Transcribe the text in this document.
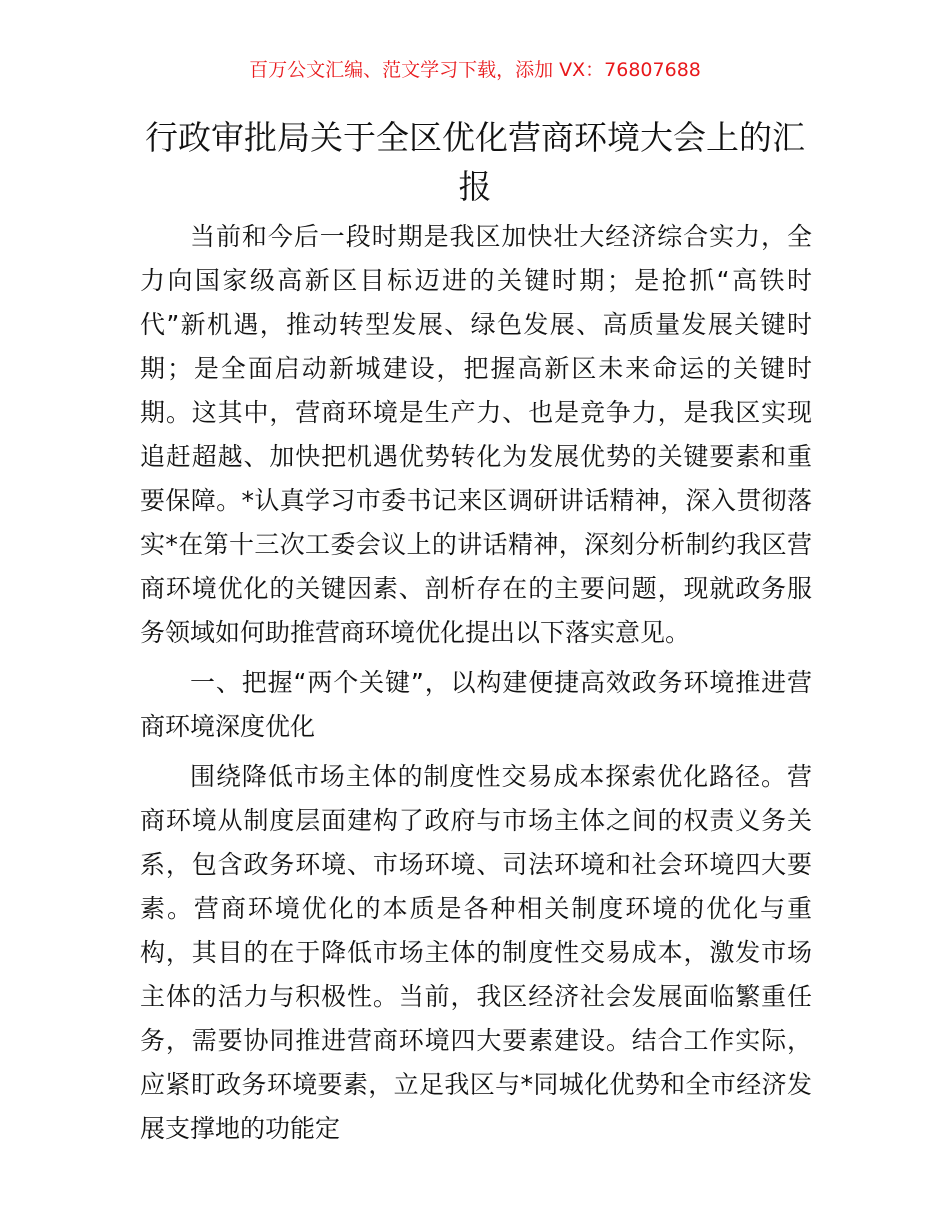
百万公文汇编、范文学习下载，添加 VX：76807688
行政审批局关于全区优化营商环境大会上的汇报

当前和今后一段时期是我区加快壮大经济综合实力，全力向国家级高新区目标迈进的关键时期；是抢抓“高铁时代”新机遇，推动转型发展、绿色发展、高质量发展关键时期；是全面启动新城建设，把握高新区未来命运的关键时期。这其中，营商环境是生产力、也是竞争力，是我区实现追赶超越、加快把机遇优势转化为发展优势的关键要素和重要保障。*认真学习市委书记来区调研讲话精神，深入贯彻落实*在第十三次工委会议上的讲话精神，深刻分析制约我区营商环境优化的关键因素、剖析存在的主要问题，现就政务服务领域如何助推营商环境优化提出以下落实意见。

一、把握“两个关键”，以构建便捷高效政务环境推进营商环境深度优化

围绕降低市场主体的制度性交易成本探索优化路径。营商环境从制度层面建构了政府与市场主体之间的权责义务关系，包含政务环境、市场环境、司法环境和社会环境四大要素。营商环境优化的本质是各种相关制度环境的优化与重构，其目的在于降低市场主体的制度性交易成本，激发市场主体的活力与积极性。当前，我区经济社会发展面临繁重任务，需要协同推进营商环境四大要素建设。结合工作实际，应紧盯政务环境要素，立足我区与*同城化优势和全市经济发展支撑地的功能定
